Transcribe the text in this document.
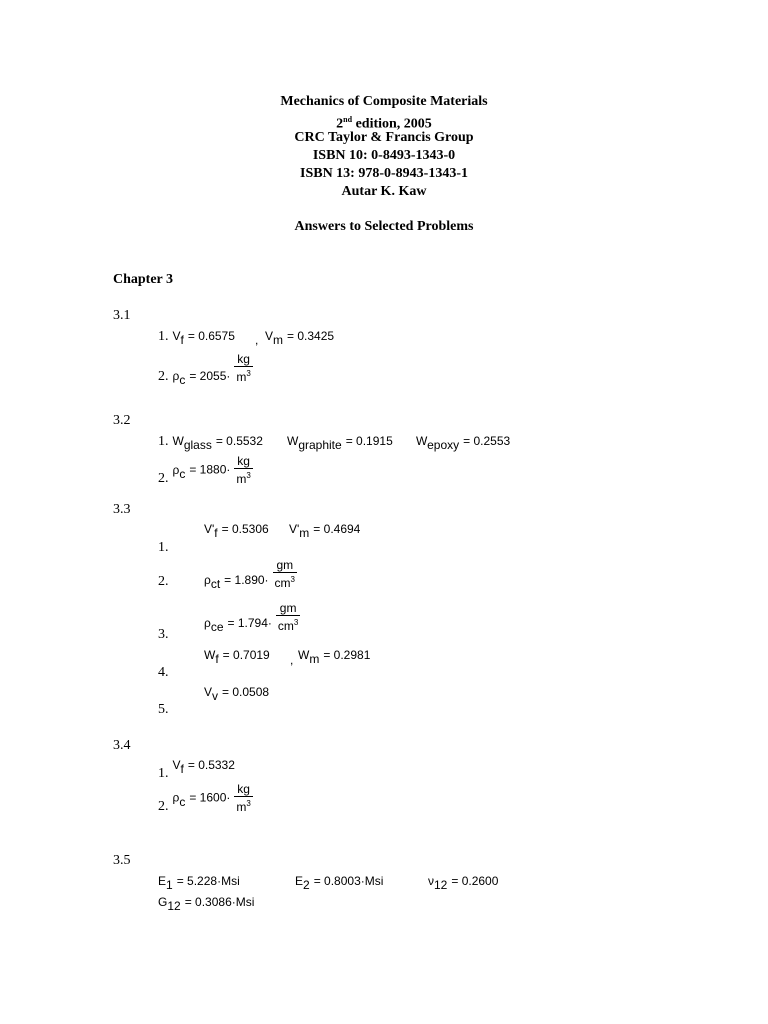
Mechanics of Composite Materials
2nd edition, 2005
CRC Taylor & Francis Group
ISBN 10: 0-8493-1343-0
ISBN 13: 978-0-8943-1343-1
Autar K. Kaw
Answers to Selected Problems
Chapter 3
3.1
1. $V_f = 0.6575$ , $V_m = 0.3425$
2. $_{\rho c}$ $_{= 2055\cdot} \frac{kg}{m^3}$
3.2
1. $W_{glass} = 0.5532$ $W_{graphite} = 0.1915$ $W_{epoxy} = 0.2553$
2. $\rho_c = 1880\cdot \frac{kg}{m^3}$
3.3
$V'_f = 0.5306$ $V'_m = 0.4694$
1.
$_{\rho ct}$ $_{= 1.890\cdot} \frac{gm}{cm^3}$
2.
$_{\rho ce}$ $_{= 1.794\cdot} \frac{gm}{cm^3}$
3.
$W_f = 0.7019$ , $W_m = 0.2981$
4.
$V_v = 0.0508$
5.
3.4
1. $V_f = 0.5332$
2. $\rho_c = 1600\cdot \frac{kg}{m^3}$
3.5
$E_1 = 5.228\cdot Msi$	$E_2 = 0.8003\cdot Msi$	$\nu_{12} = 0.2600$
$G_{12} = 0.3086\cdot Msi$
